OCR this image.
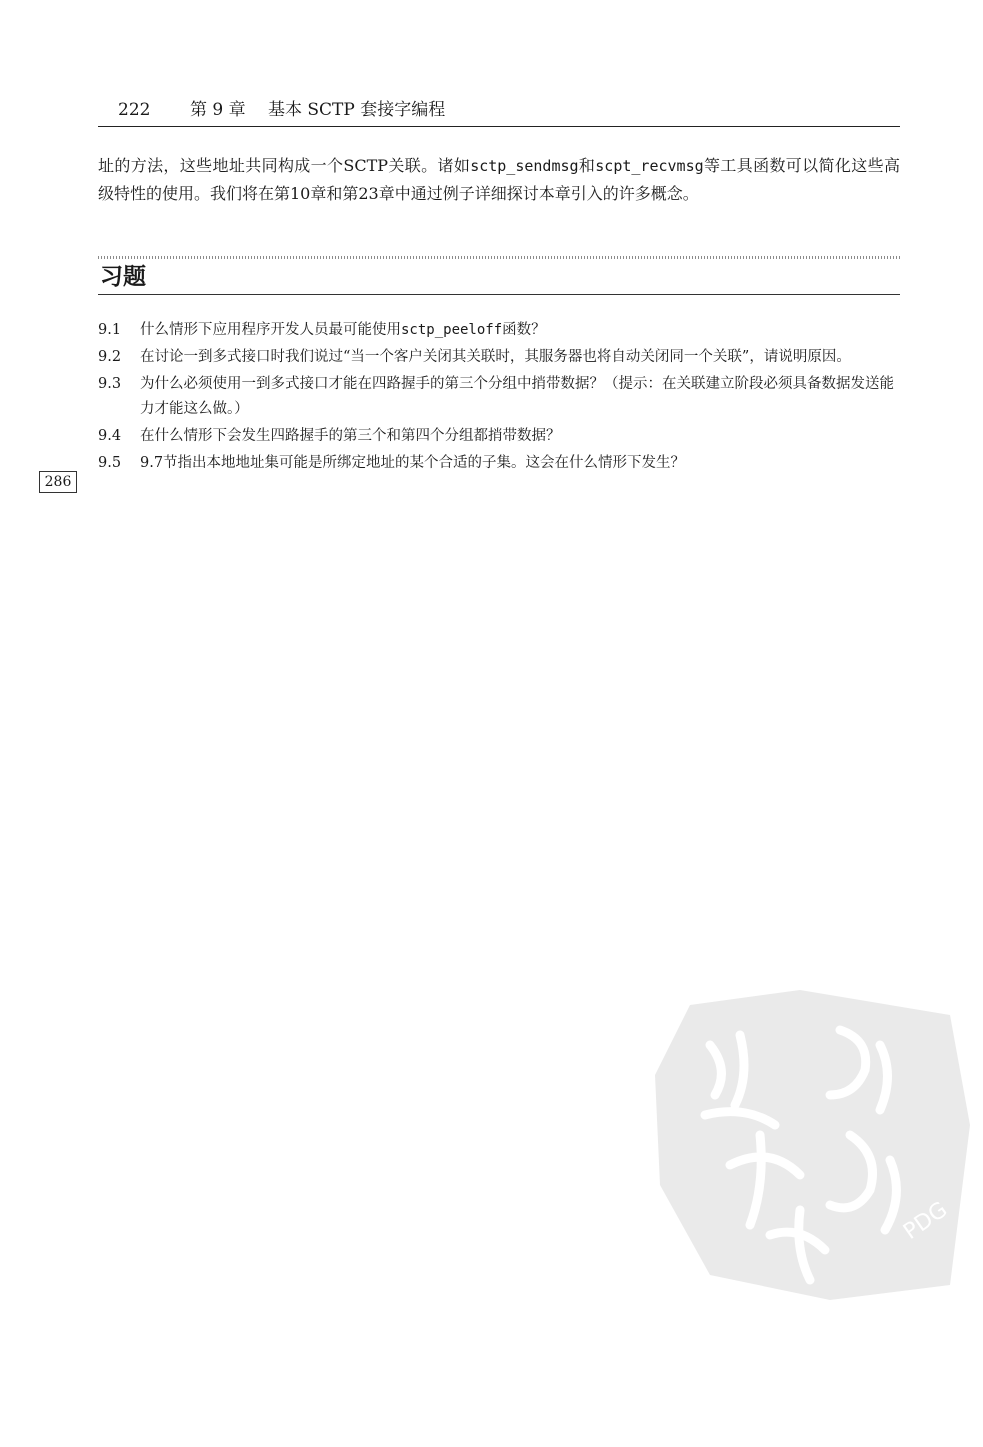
222 第 9 章 基本 SCTP 套接字编程
址的方法，这些地址共同构成一个SCTP关联。诸如sctp_sendmsg和scpt_recvmsg等工具函数可以简化这些高级特性的使用。我们将在第10章和第23章中通过例子详细探讨本章引入的许多概念。
习题
9.1 什么情形下应用程序开发人员最可能使用sctp_peeloff函数？
9.2 在讨论一到多式接口时我们说过“当一个客户关闭其关联时，其服务器也将自动关闭同一个关联”，请说明原因。
9.3 为什么必须使用一到多式接口才能在四路握手的第三个分组中捎带数据？（提示：在关联建立阶段必须具备数据发送能力才能这么做。）
9.4 在什么情形下会发生四路握手的第三个和第四个分组都捎带数据？
9.5 9.7节指出本地地址集可能是所绑定地址的某个合适的子集。这会在什么情形下发生？
286
PDG
